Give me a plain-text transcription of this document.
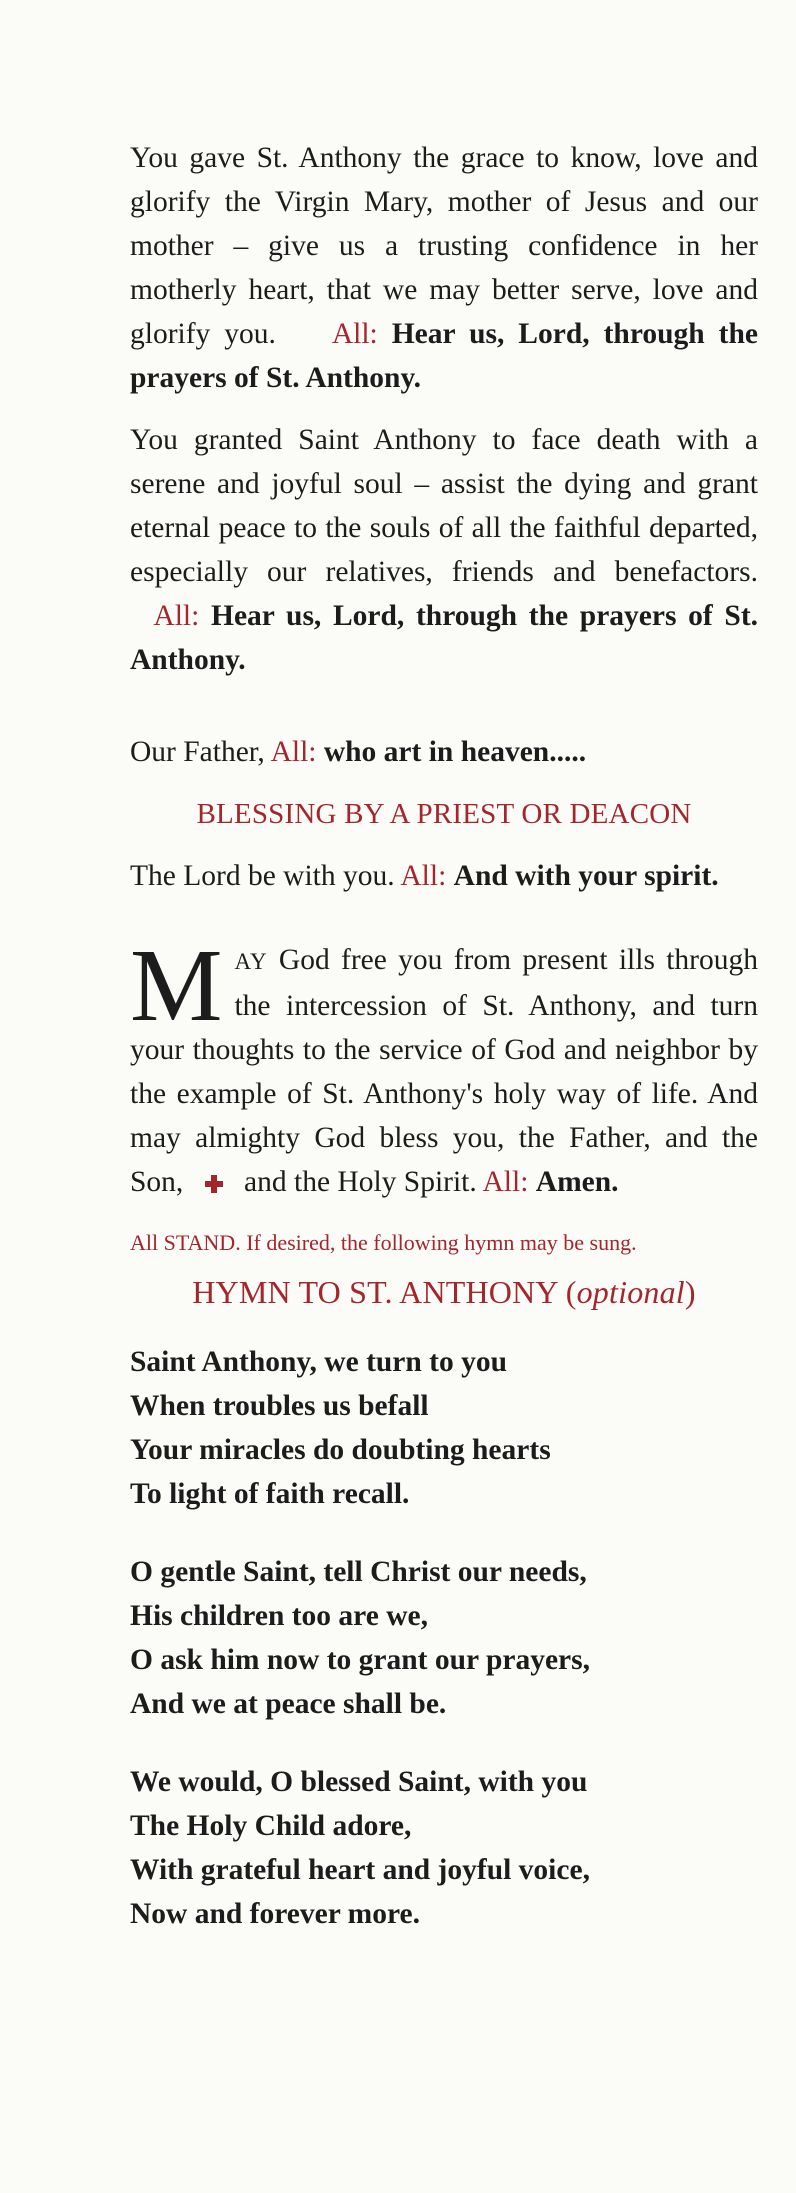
You gave St. Anthony the grace to know, love and glorify the Virgin Mary, mother of Jesus and our mother – give us a trusting confidence in her motherly heart, that we may better serve, love and glorify you. All: Hear us, Lord, through the prayers of St. Anthony.

You granted Saint Anthony to face death with a serene and joyful soul – assist the dying and grant eternal peace to the souls of all the faithful departed, especially our relatives, friends and benefactors.   All: Hear us, Lord, through the prayers of St. Anthony.

Our Father, All: who art in heaven.....

BLESSING BY A PRIEST OR DEACON

The Lord be with you. All: And with your spirit.

M AY God free you from present ills through the intercession of St. Anthony, and turn your thoughts to the service of God and neighbor by the example of St. Anthony's holy way of life. And may almighty God bless you, the Father, and the Son, and the Holy Spirit. All: Amen.

All STAND. If desired, the following hymn may be sung.
HYMN TO ST. ANTHONY (optional)
Saint Anthony, we turn to you
When troubles us befall
Your miracles do doubting hearts
To light of faith recall.
O gentle Saint, tell Christ our needs,
His children too are we,
O ask him now to grant our prayers,
And we at peace shall be.
We would, O blessed Saint, with you
The Holy Child adore,
With grateful heart and joyful voice,
Now and forever more.
